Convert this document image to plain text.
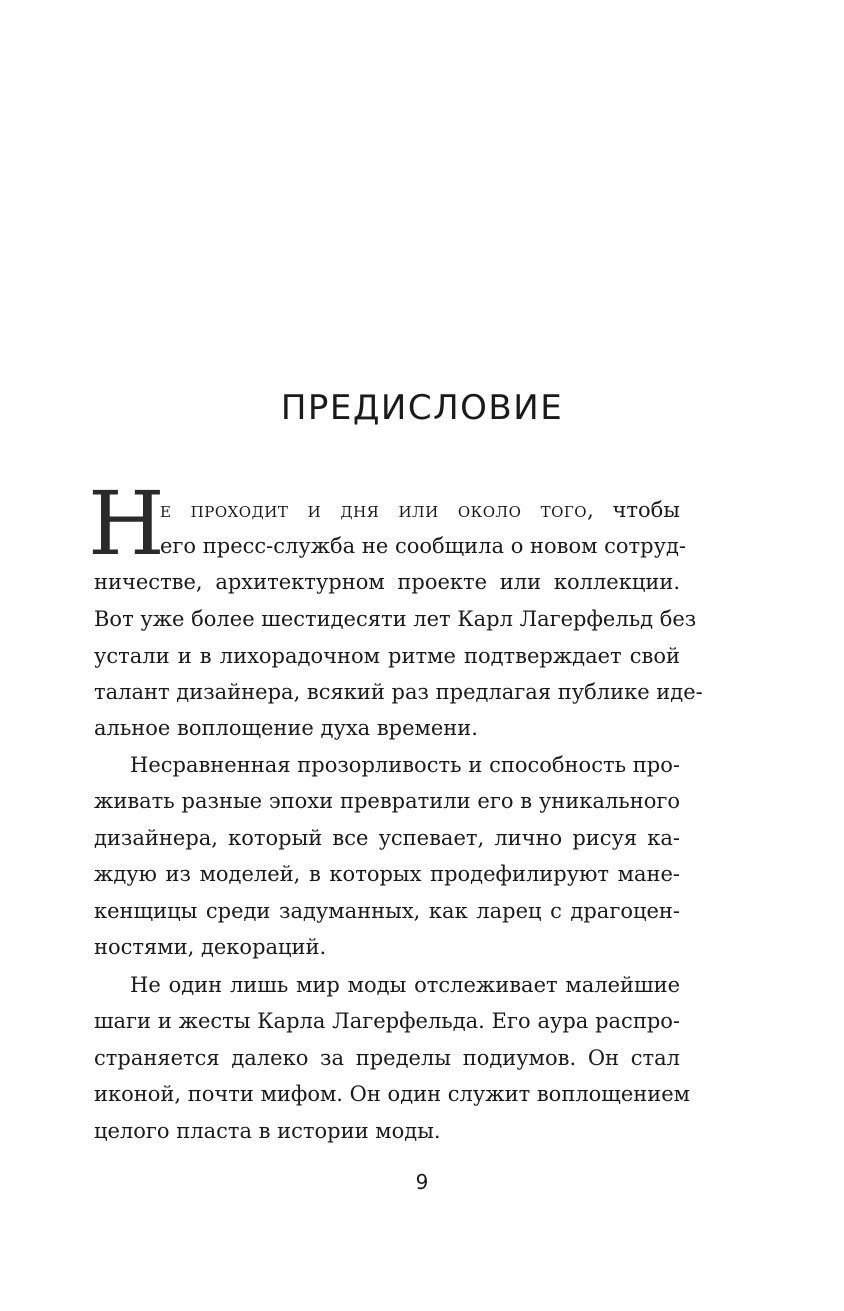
ПРЕДИСЛОВИЕ
Н

е проходит и дня или около того, чтобы

его пресс-служба не сообщила о новом сотруд-

ничестве, архитектурном проекте или коллекции.

Вот уже более шестидесяти лет Карл Лагерфельд без

устали и в лихорадочном ритме подтверждает свой

талант дизайнера, всякий раз предлагая публике иде-

альное воплощение духа времени.

Несравненная прозорливость и способность про-

живать разные эпохи превратили его в уникального

дизайнера, который все успевает, лично рисуя ка-

ждую из моделей, в которых продефилируют мане-

кенщицы среди задуманных, как ларец с драгоцен-

ностями, декораций.

Не один лишь мир моды отслеживает малейшие

шаги и жесты Карла Лагерфельда. Его аура распро-

страняется далеко за пределы подиумов. Он стал

иконой, почти мифом. Он один служит воплощением

целого пласта в истории моды.

9
